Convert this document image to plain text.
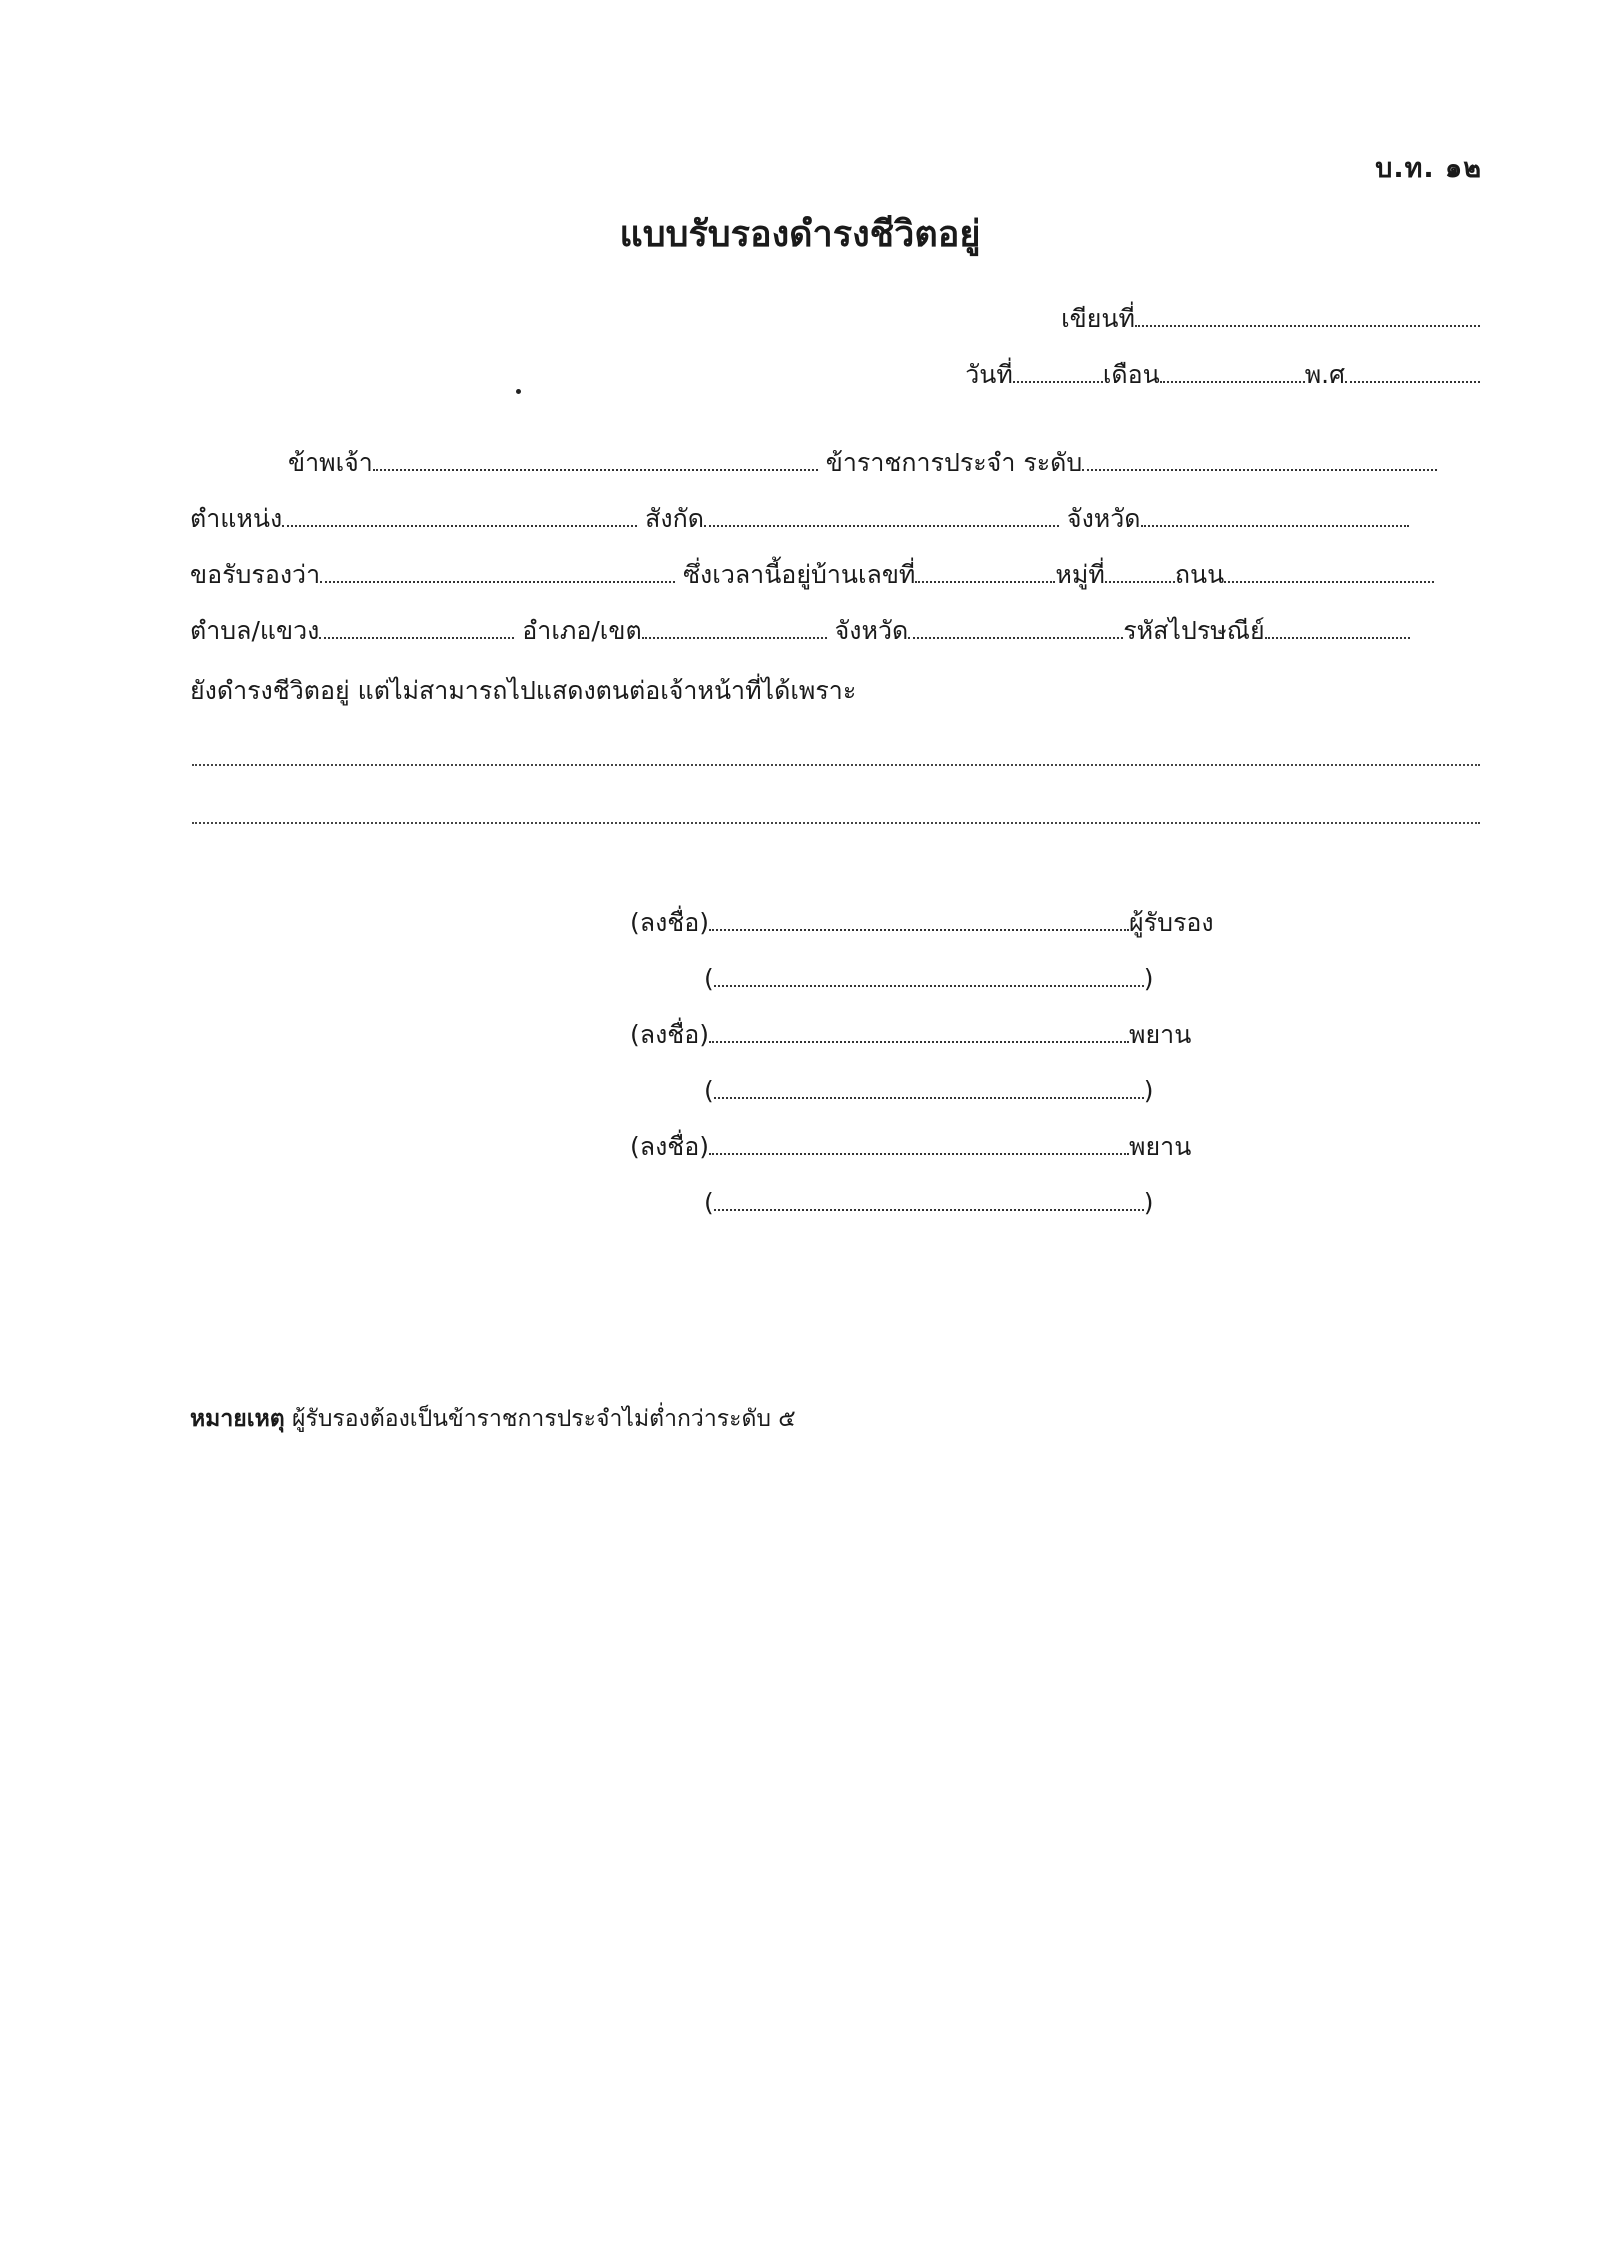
บ.ท. ๑๒
แบบรับรองดำรงชีวิตอยู่
เขียนที่
วันที่	เดือน	พ.ศ
ข้าพเจ้า	ข้าราชการประจำ ระดับ
ตำแหน่ง	สังกัด	จังหวัด
ขอรับรองว่า	ซึ่งเวลานี้อยู่บ้านเลขที่	หมู่ที่	ถนน
ตำบล/แขวง	อำเภอ/เขต	จังหวัด	รหัสไปรษณีย์
ยังดำรงชีวิตอยู่ แต่ไม่สามารถไปแสดงตนต่อเจ้าหน้าที่ได้เพราะ
(ลงชื่อ)	ผู้รับรอง
(	)
(ลงชื่อ)	พยาน
(	)
(ลงชื่อ)	พยาน
(	)
หมายเหตุ ผู้รับรองต้องเป็นข้าราชการประจำไม่ต่ำกว่าระดับ ๕
